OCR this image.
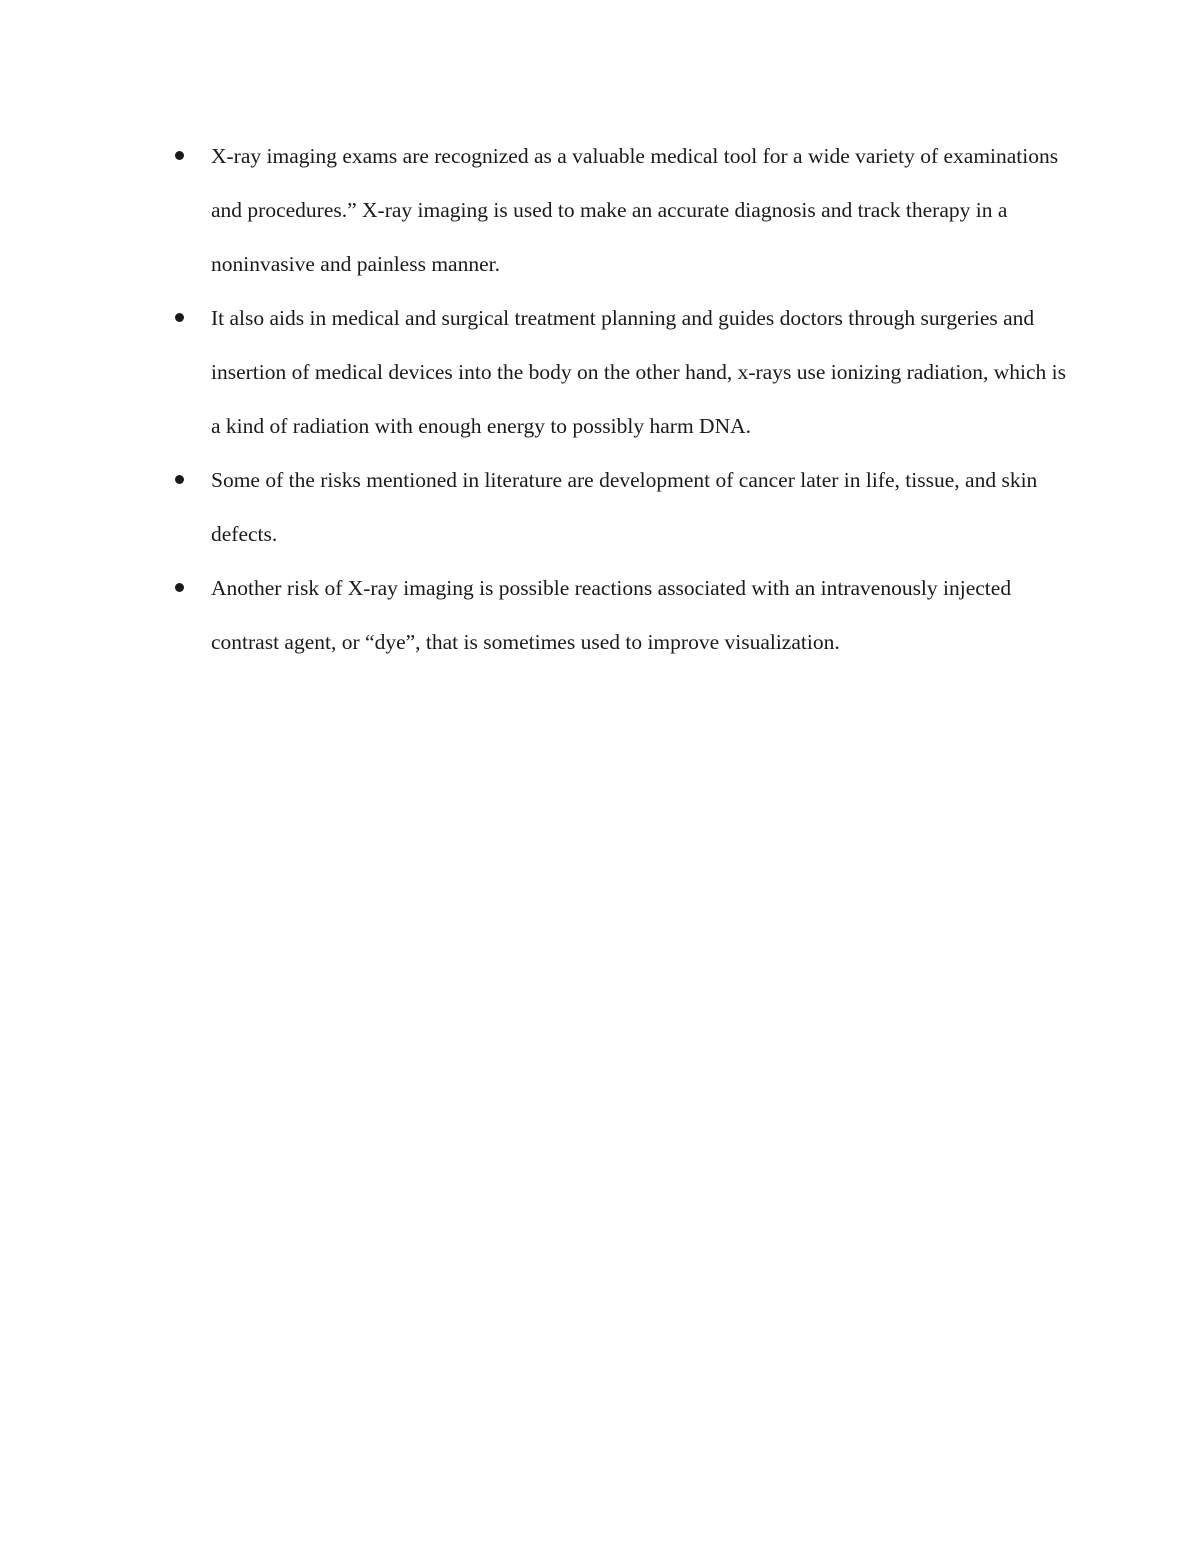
X-ray imaging exams are recognized as a valuable medical tool for a wide variety of examinations and procedures.” X-ray imaging is used to make an accurate diagnosis and track therapy in a noninvasive and painless manner.
It also aids in medical and surgical treatment planning and guides doctors through surgeries and insertion of medical devices into the body on the other hand, x-rays use ionizing radiation, which is a kind of radiation with enough energy to possibly harm DNA.
Some of the risks mentioned in literature are development of cancer later in life, tissue, and skin defects.
Another risk of X-ray imaging is possible reactions associated with an intravenously injected contrast agent, or “dye”, that is sometimes used to improve visualization.
